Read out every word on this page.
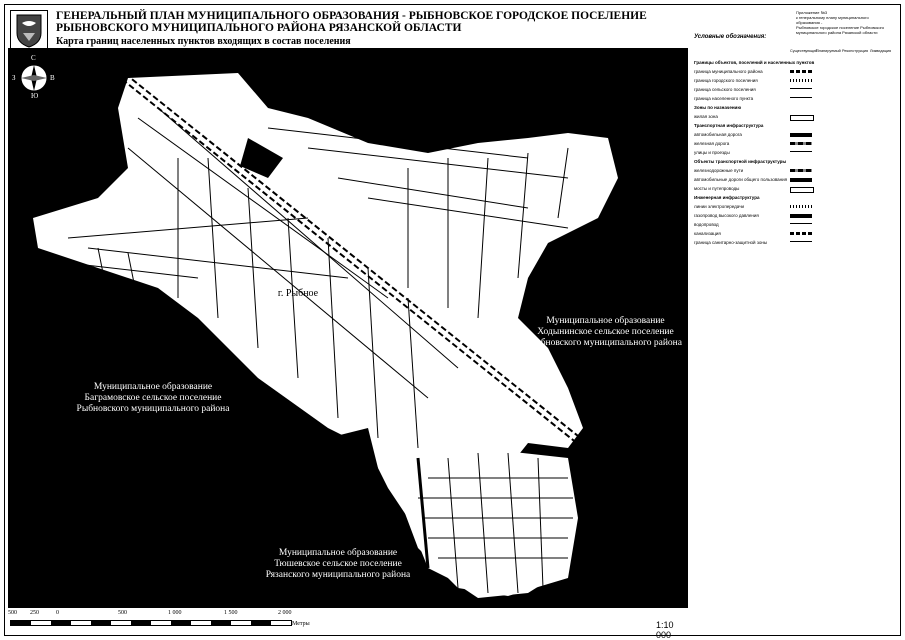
ГЕНЕРАЛЬНЫЙ ПЛАН МУНИЦИПАЛЬНОГО ОБРАЗОВАНИЯ - РЫБНОВСКОЕ ГОРОДСКОЕ ПОСЕЛЕНИЕ
РЫБНОВСКОГО МУНИЦИПАЛЬНОГО РАЙОНА РЯЗАНСКОЙ ОБЛАСТИ
Карта границ населенных пунктов входящих в состав поселения
С
Ю
З	В
Муниципальное образование
Нетобинковское сельское поселение
Рыбновского муниципального района
Муниципальное образование
Ходынинское сельское поселение
Рыбновского муниципального района
Муниципальное образование
Ходынинское сельское поселение
Рыбновского муниципального района
Муниципальное образование
Баграмовское сельское поселение
Рыбновского муниципального района
Муниципальное образование
Тюшевское сельское поселение
Рязанского муниципального района
г. Рыбное
500 250	0	500	1 000	1 500	2 000
Метры	1:10 000
Приложение №3
к генеральному плану муниципального образования -
Рыбновское городское поселение Рыбновского
муниципального района Рязанской области
Условные обозначения:
Существующий
Планируемый Реконструкция Ликвидация
Границы объектов, поселений и населенных пунктов
граница муниципального района
граница городского поселения
граница сельского поселения
граница населенного пункта
Зоны по назначению
жилая зона
Транспортная инфраструктура
автомобильная дорога
железная дорога
улицы и проезды
Объекты транспортной инфраструктуры
железнодорожные пути
автомобильные дороги общего пользования
мосты и путепроводы
Инженерная инфраструктура
линии электропередачи
газопровод высокого давления
водопровод
канализация
граница санитарно-защитной зоны
